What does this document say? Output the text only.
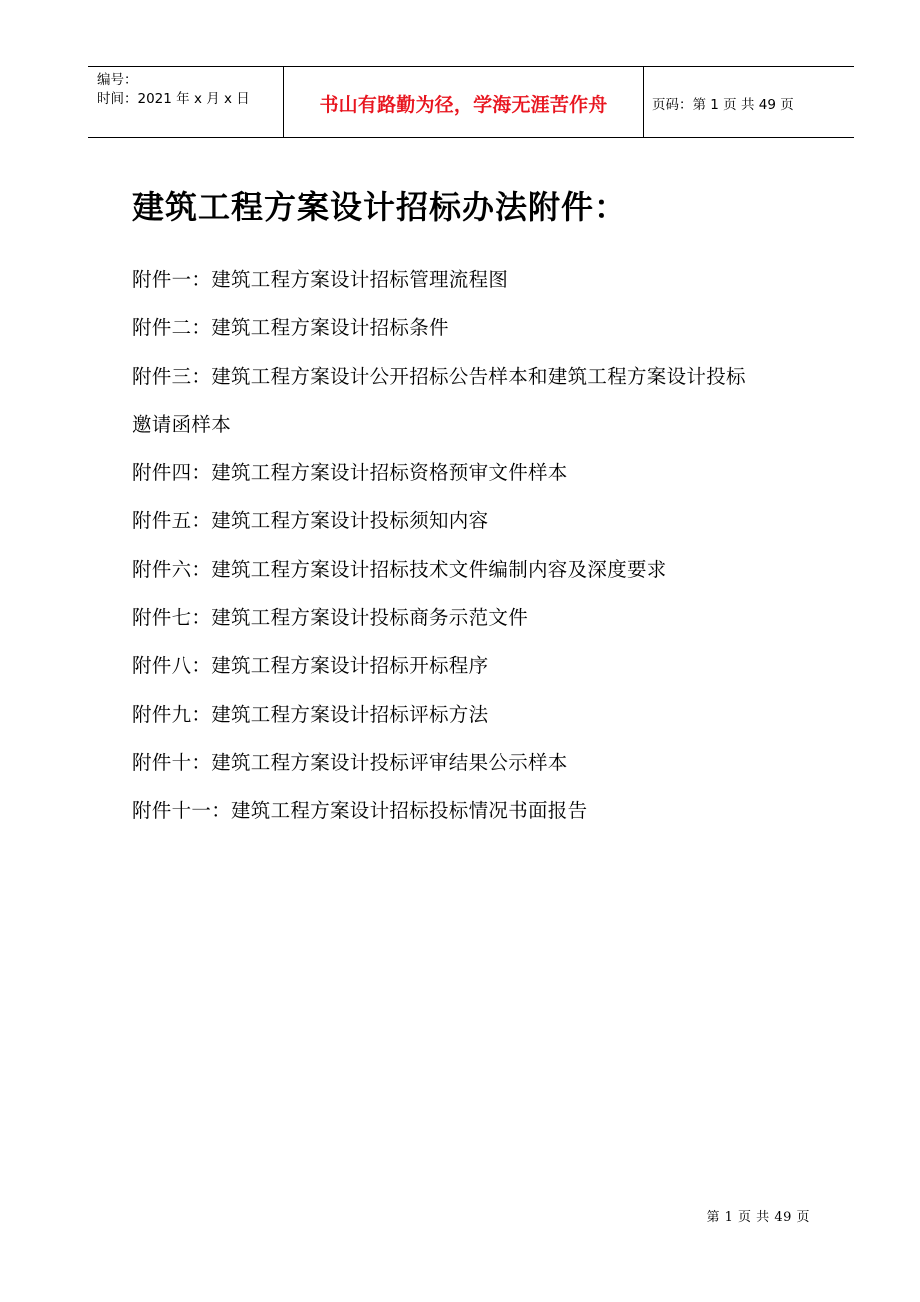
编号：
时间：2021 年 x 月 x 日	书山有路勤为径，学海无涯苦作舟	页码：第 1 页 共 49 页
建筑工程方案设计招标办法附件：
附件一：建筑工程方案设计招标管理流程图
附件二：建筑工程方案设计招标条件
附件三：建筑工程方案设计公开招标公告样本和建筑工程方案设计投标
邀请函样本
附件四：建筑工程方案设计招标资格预审文件样本
附件五：建筑工程方案设计投标须知内容
附件六：建筑工程方案设计招标技术文件编制内容及深度要求
附件七：建筑工程方案设计投标商务示范文件
附件八：建筑工程方案设计招标开标程序
附件九：建筑工程方案设计招标评标方法
附件十：建筑工程方案设计投标评审结果公示样本
附件十一：建筑工程方案设计招标投标情况书面报告
第 1 页 共 49 页
